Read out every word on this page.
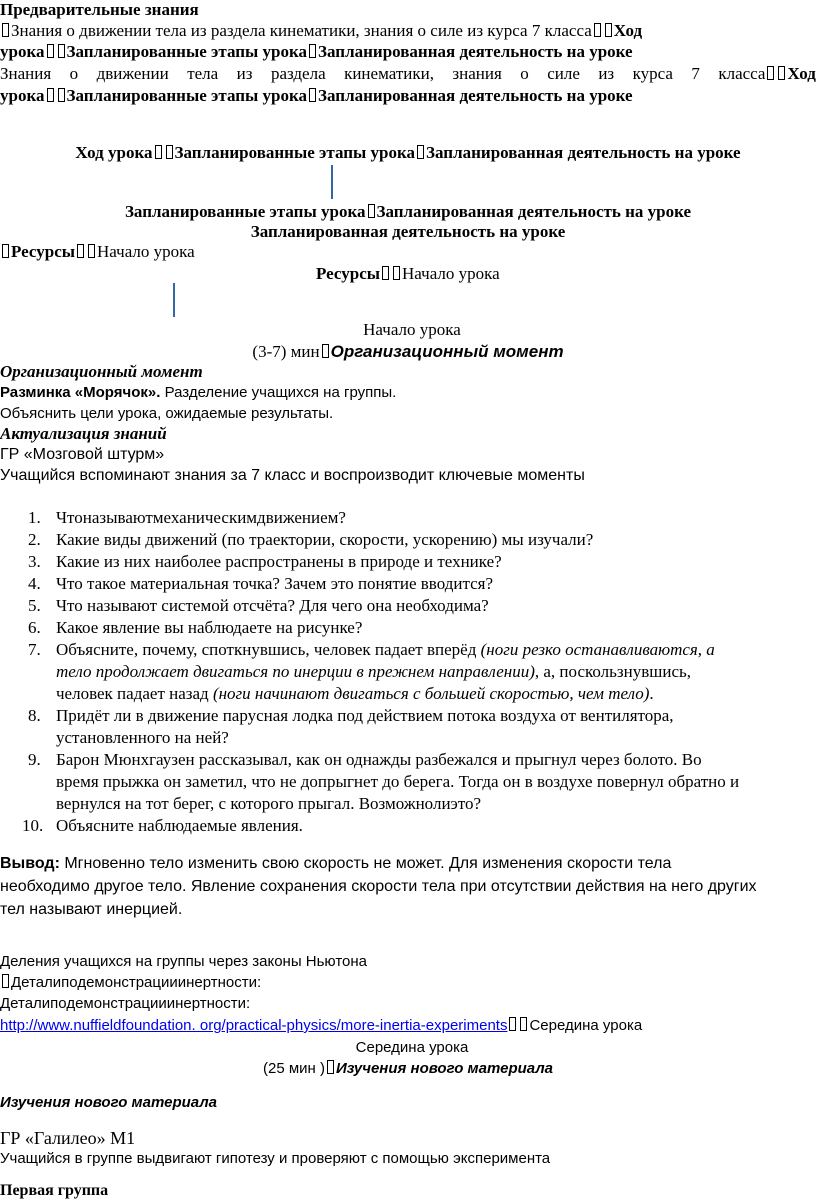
Предварительные знания
Знания о движении тела из раздела кинематики, знания о силе из курса 7 класса Ход
урока Запланированные этапы урока Запланированная деятельность на уроке
Знания о движении тела из раздела кинематики, знания о силе из курса 7 класса Ход
урока Запланированные этапы урока Запланированная деятельность на уроке
Ход урока Запланированные этапы урока Запланированная деятельность на уроке
Запланированные этапы урока Запланированная деятельность на уроке
Запланированная деятельность на уроке
Ресурсы Начало урока
Ресурсы Начало урока
Начало урока
(3-7) мин Организационный момент
Организационный момент
Разминка «Морячок». Разделение учащихся на группы.
Объяснить цели урока, ожидаемые результаты.
Актуализация знаний
ГР «Мозговой штурм»
Учащийся вспоминают знания за 7 класс и воспроизводит ключевые моменты
1. Чтоназываютмеханическимдвижением?
2. Какие виды движений (по траектории, скорости, ускорению) мы изучали?
3. Какие из них наиболее распространены в природе и технике?
4. Что такое материальная точка? Зачем это понятие вводится?
5. Что называют системой отсчёта? Для чего она необходима?
6. Какое явление вы наблюдаете на рисунке?
7. Объясните, почему, споткнувшись, человек падает вперёд (ноги резко останавливаются, а
тело продолжает двигаться по инерции в прежнем направлении), а, поскользнувшись,
человек падает назад (ноги начинают двигаться с большей скоростью, чем тело).
8. Придёт ли в движение парусная лодка под действием потока воздуха от вентилятора,
установленного на ней?
9. Барон Мюнхгаузен рассказывал, как он однажды разбежался и прыгнул через болото. Во
время прыжка он заметил, что не допрыгнет до берега. Тогда он в воздухе повернул обратно и
вернулся на тот берег, с которого прыгал. Возможнолиэто?
10. Объясните наблюдаемые явления.
Вывод: Мгновенно тело изменить свою скорость не может. Для изменения скорости тела
необходимо другое тело. Явление сохранения скорости тела при отсутствии действия на него других
тел называют инерцией.
Деления учащихся на группы через законы Ньютона
Деталиподемонстрацииинертности:
Деталиподемонстрацииинертности:
http://www.nuffieldfoundation. org/practical-physics/more-inertia-experiments Середина урока
Середина урока
(25 мин ) Изучения нового материала
Изучения нового материала
ГР «Галилео» М1
Учащийся в группе выдвигают гипотезу и проверяют с помощью эксперимента
Первая группа
